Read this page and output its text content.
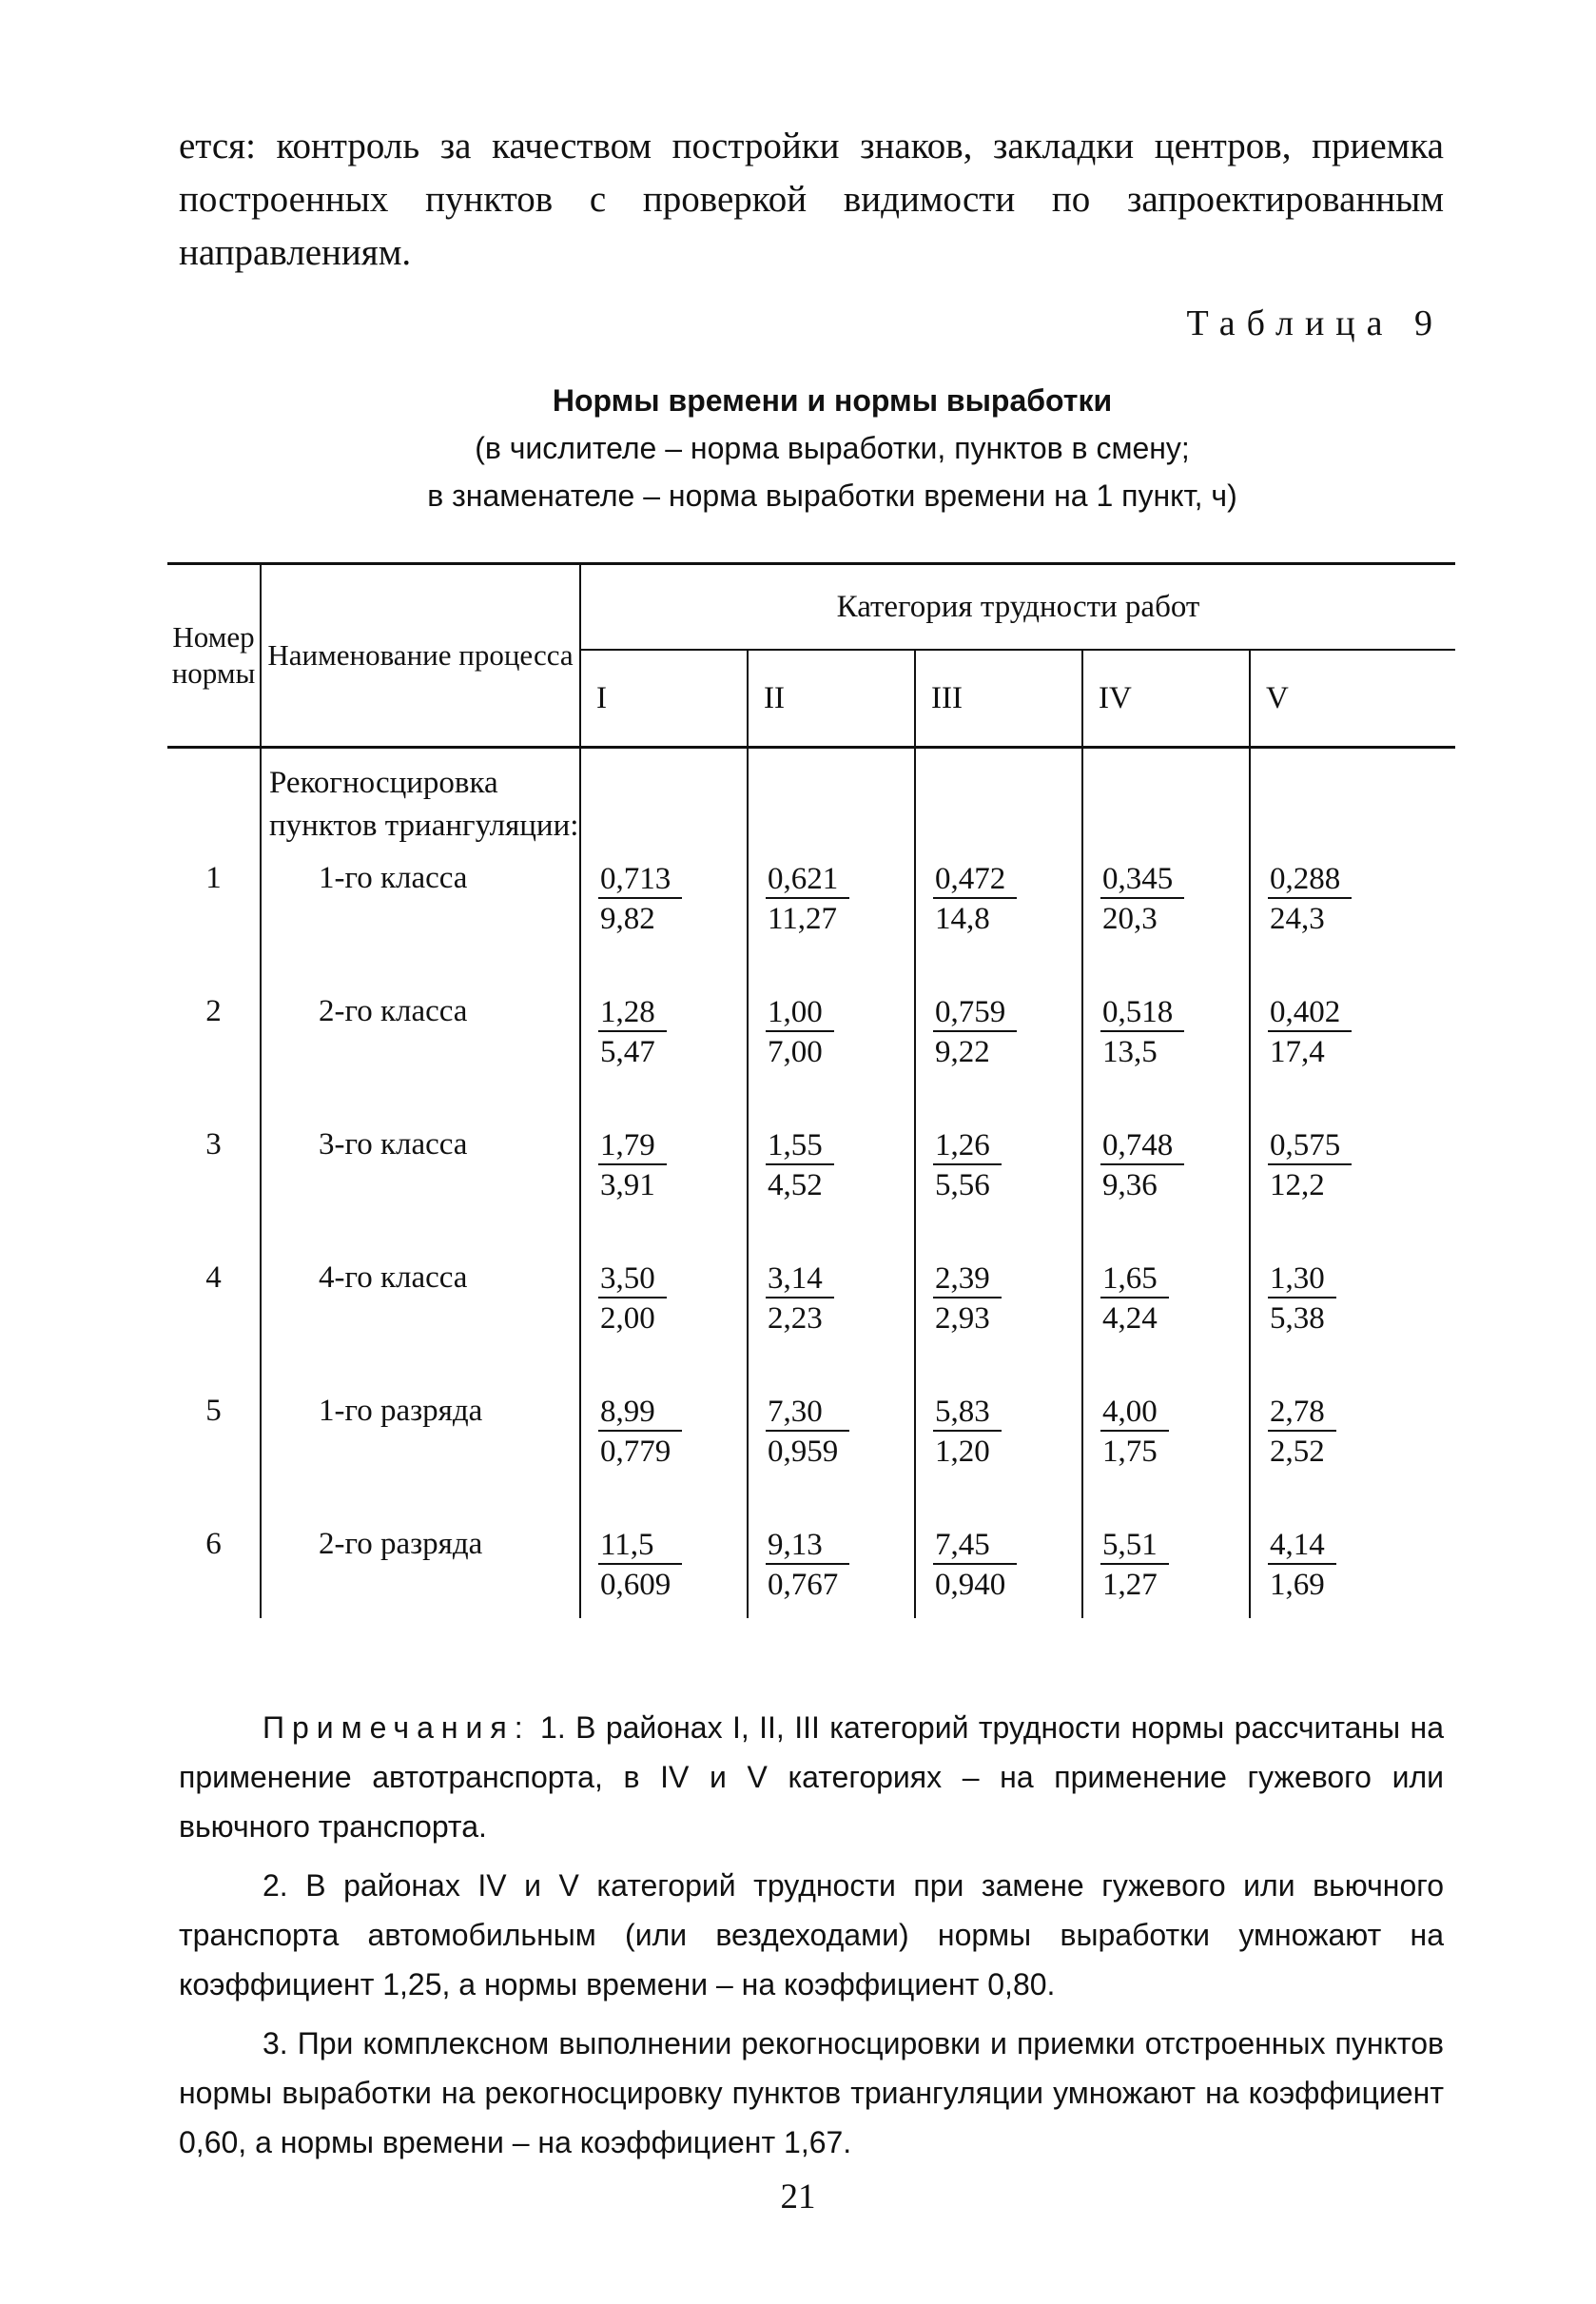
ется: контроль за качеством постройки знаков, закладки центров, приемка построенных пунктов с проверкой видимости по запроектированным направлениям.
Таблица 9
Нормы времени и нормы выработки
(в числителе – норма выработки, пунктов в смену;
в знаменателе – норма выработки времени на 1 пункт, ч)
Номер нормы	Наименование процесса	Категория трудности работ				
		I	II	III	IV	V
	Рекогносцировка пунктов триангуляции:					
1	1-го класса	$\frac{0,713}{9,82}$	$\frac{0,621}{11,27}$	$\frac{0,472}{14,8}$	$\frac{0,345}{20,3}$	$\frac{0,288}{24,3}$

2	2-го класса	$\frac{1,28}{5,47}$	$\frac{1,00}{7,00}$	$\frac{0,759}{9,22}$	$\frac{0,518}{13,5}$	$\frac{0,402}{17,4}$

3	3-го класса	$\frac{1,79}{3,91}$	$\frac{1,55}{4,52}$	$\frac{1,26}{5,56}$	$\frac{0,748}{9,36}$	$\frac{0,575}{12,2}$

4	4-го класса	$\frac{3,50}{2,00}$	$\frac{3,14}{2,23}$	$\frac{2,39}{2,93}$	$\frac{1,65}{4,24}$	$\frac{1,30}{5,38}$

5	1-го разряда	$\frac{8,99}{0,779}$	$\frac{7,30}{0,959}$	$\frac{5,83}{1,20}$	$\frac{4,00}{1,75}$	$\frac{2,78}{2,52}$

6	2-го разряда	$\frac{11,5}{0,609}$	$\frac{9,13}{0,767}$	$\frac{7,45}{0,940}$	$\frac{5,51}{1,27}$	$\frac{4,14}{1,69}$

Примечания: 1. В районах I, II, III категорий трудности нормы рассчитаны на применение автотранспорта, в IV и V категориях – на применение гужевого или вьючного транспорта.

2. В районах IV и V категорий трудности при замене гужевого или вьючного транспорта автомобильным (или вездеходами) нормы выработки умножают на коэффициент 1,25, а нормы времени – на коэффициент 0,80.

3. При комплексном выполнении рекогносцировки и приемки отстроенных пунктов нормы выработки на рекогносцировку пунктов триангуляции умножают на коэффициент 0,60, а нормы времени – на коэффициент 1,67.

21
